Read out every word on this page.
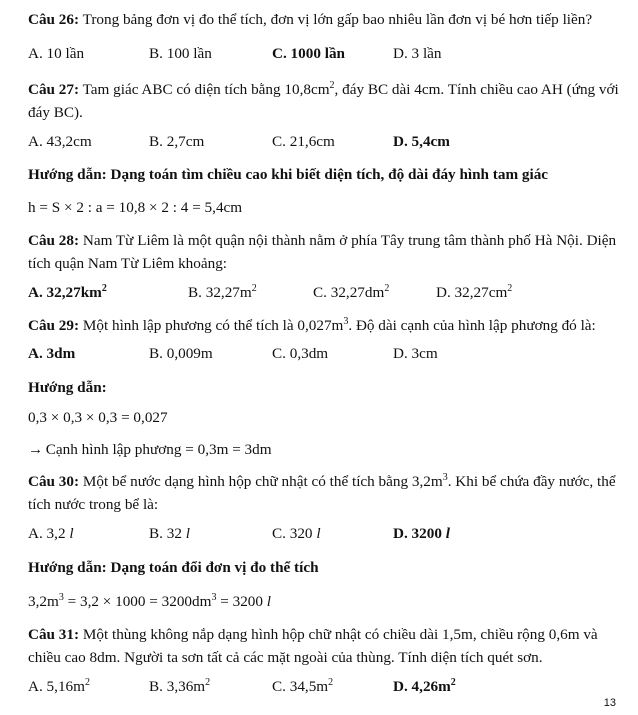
Câu 26: Trong bảng đơn vị đo thể tích, đơn vị lớn gấp bao nhiêu lần đơn vị bé hơn tiếp liền?
A. 10 lần	B. 100 lần	C. 1000 lần	D. 3 lần
Câu 27: Tam giác ABC có diện tích bằng $10,8cm^2$, đáy BC dài 4cm. Tính chiều cao AH (ứng với đáy BC).
A. 43,2cm	B. 2,7cm	C. 21,6cm	D. 5,4cm
Hướng dẫn: Dạng toán tìm chiều cao khi biết diện tích, độ dài đáy hình tam giác
h = S × 2 : a = 10,8 × 2 : 4 = 5,4cm
Câu 28: Nam Từ Liêm là một quận nội thành nằm ở phía Tây trung tâm thành phố Hà Nội. Diện tích quận Nam Từ Liêm khoảng:
A. $32,27km^2$	B. $32,27m^2$	C. $32,27dm^2$	D. $32,27cm^2$
Câu 29: Một hình lập phương có thể tích là $0,027m^3$. Độ dài cạnh của hình lập phương đó là:
A. 3dm	B. 0,009m	C. 0,3dm	D. 3cm
Hướng dẫn:
0,3 × 0,3 × 0,3 = 0,027
→ Cạnh hình lập phương = 0,3m = 3dm
Câu 30: Một bể nước dạng hình hộp chữ nhật có thể tích bằng $3,2m^3$. Khi bể chứa đầy nước, thể tích nước trong bể là:
A. 3,2 l	B. 32 l	C. 320 l	D. 3200 l
Hướng dẫn: Dạng toán đổi đơn vị đo thể tích
$3,2m^3 = 3,2 \times 1000 = 3200dm^3 = 3200$ l
Câu 31: Một thùng không nắp dạng hình hộp chữ nhật có chiều dài 1,5m, chiều rộng 0,6m và chiều cao 8dm. Người ta sơn tất cả các mặt ngoài của thùng. Tính diện tích quét sơn.
A. $5,16m^2$	B. $3,36m^2$	C. $34,5m^2$	D. $4,26m^2$
13
